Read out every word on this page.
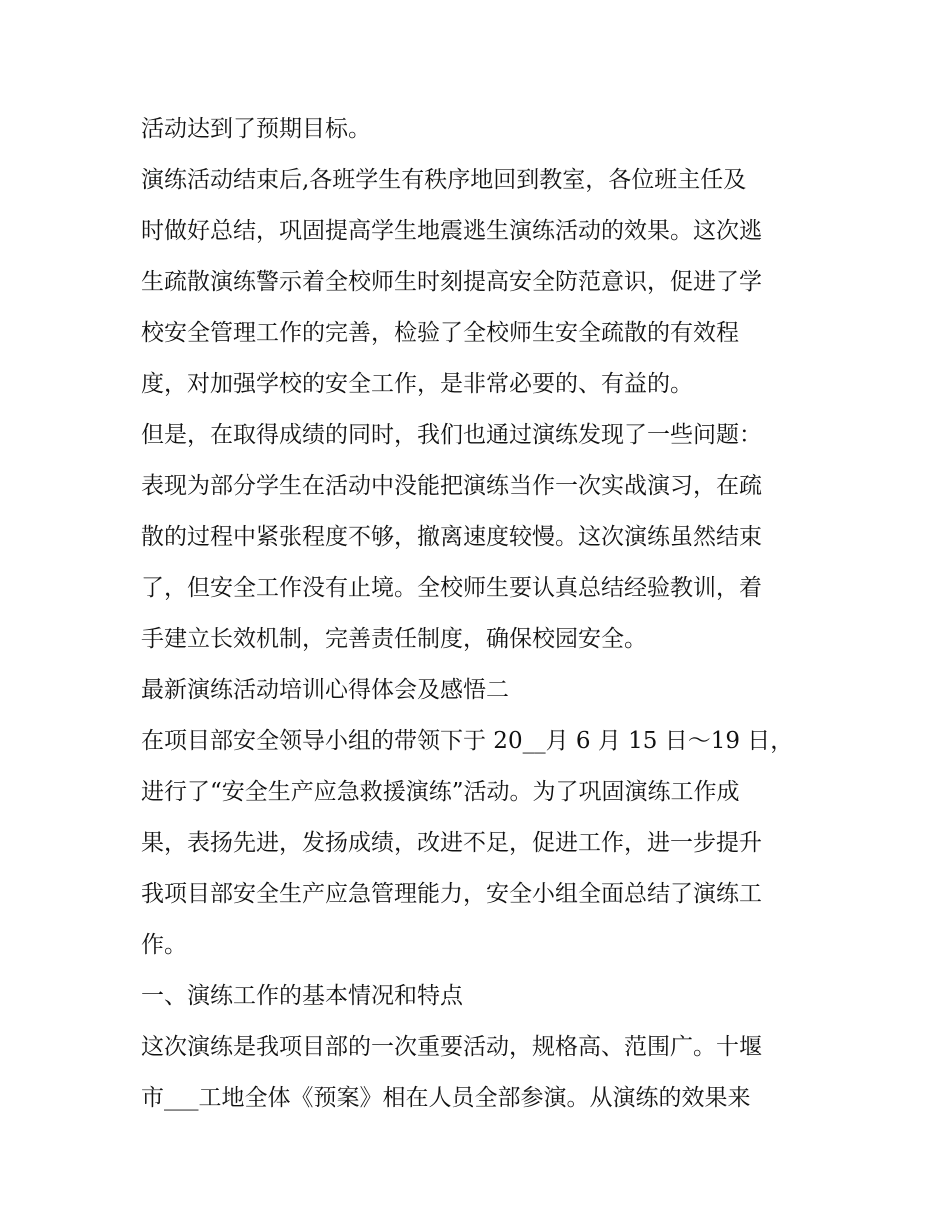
活动达到了预期目标。
演练活动结束后,各班学生有秩序地回到教室，各位班主任及
时做好总结，巩固提高学生地震逃生演练活动的效果。这次逃
生疏散演练警示着全校师生时刻提高安全防范意识，促进了学
校安全管理工作的完善，检验了全校师生安全疏散的有效程
度，对加强学校的安全工作，是非常必要的、有益的。
但是，在取得成绩的同时，我们也通过演练发现了一些问题：
表现为部分学生在活动中没能把演练当作一次实战演习，在疏
散的过程中紧张程度不够，撤离速度较慢。这次演练虽然结束
了，但安全工作没有止境。全校师生要认真总结经验教训，着
手建立长效机制，完善责任制度，确保校园安全。
最新演练活动培训心得体会及感悟二
在项目部安全领导小组的带领下于 20__月 6 月 15 日～19 日，
进行了“安全生产应急救援演练”活动。为了巩固演练工作成
果，表扬先进，发扬成绩，改进不足，促进工作，进一步提升
我项目部安全生产应急管理能力，安全小组全面总结了演练工
作。
一、演练工作的基本情况和特点
这次演练是我项目部的一次重要活动，规格高、范围广。十堰
市___工地全体《预案》相在人员全部参演。从演练的效果来
